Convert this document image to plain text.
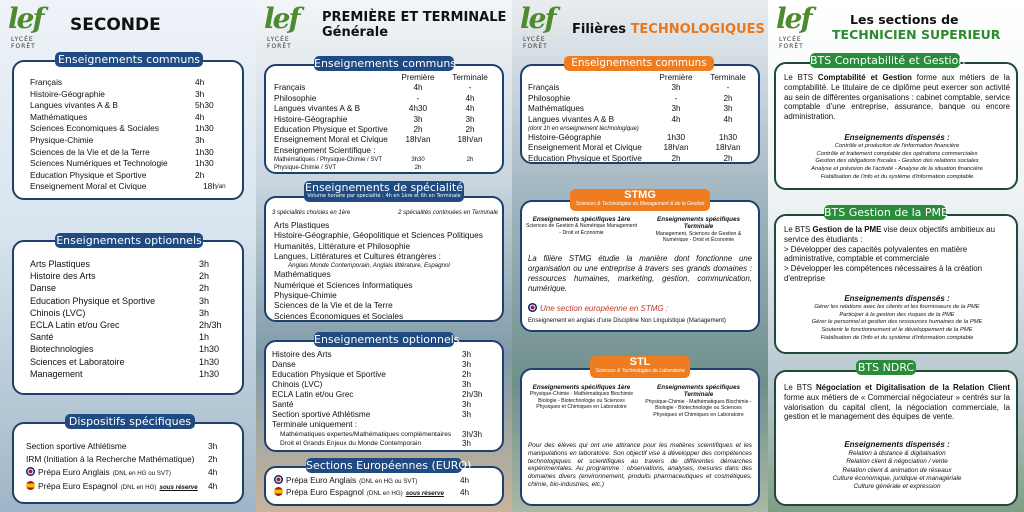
lef
LYCÉE
FORÊT
SECONDE
Enseignements communs
Français	4h
Histoire-Géographie	3h
Langues vivantes A & B	5h30
Mathématiques	4h
Sciences Economiques & Sociales	1h30
Physique-Chimie	3h
Sciences de la Vie et de la Terre	1h30
Sciences Numériques et Technologie	1h30
Education Physique et Sportive	2h
Enseignement Moral et Civique	18h /an
Enseignements optionnels
Arts Plastiques	3h
Histoire des Arts	2h
Danse	2h
Education Physique et Sportive	3h
Chinois (LVC)	3h
ECLA Latin et/ou Grec	2h/3h
Santé	1h
Biotechnologies	1h30
Sciences et Laboratoire	1h30
Management	1h30
Dispositifs spécifiques
Section sportive Athlétisme	3h
IRM (Initiation à la Recherche Mathématique)	2h
Prépa Euro Anglais (DNL en HG ou SVT)	4h
Prépa Euro Espagnol (DNL en HG) sous réserve	4h
lef
LYCÉE
FORÊT
PREMIÈRE ET TERMINALE
Générale
Enseignements communs
Première	Terminale
Français	4h	-
Philosophie	-	4h
Langues vivantes A & B	4h30	4h
Histoire-Géographie	3h	3h
Education Physique et Sportive	2h	2h
Enseignement Moral et Civique	18h/an	18h/an
Enseignement Scientifique :
Mathématiques / Physique-Chimie / SVT	3h30	2h
Physique-Chimie / SVT	2h
Enseignements de spécialité
Volume horaire par spécialité : 4h en 1ère et 6h en Terminale
3 spécialités choisies en 1ère	2 spécialités continuées en Terminale
Arts Plastiques
Histoire-Géographie, Géopolitique et Sciences Politiques
Humanités, Littérature et Philosophie
Langues, Littératures et Cultures étrangères :
Anglais Monde Contemporain, Anglais littérature, Espagnol
Mathématiques
Numérique et Sciences Informatiques
Physique-Chimie
Sciences de la Vie et de la Terre
Sciences Économiques et Sociales
Enseignements optionnels
Histoire des Arts	3h
Danse	3h
Education Physique et Sportive	2h
Chinois (LVC)	3h
ECLA Latin et/ou Grec	2h/3h
Santé	3h
Section sportive Athlétisme	3h
Terminale uniquement :
Mathématiques expertes/Mathématiques complémentaires	3h/3h
Droit et Grands Enjeux du Monde Contemporain	3h
Sections Européennes (EURO)
Prépa Euro Anglais (DNL en HG ou SVT)	4h
Prépa Euro Espagnol (DNL en HG) sous réserve	4h
lef
LYCÉE
FORÊT
Filières TECHNOLOGIQUES
Enseignements communs
Première	Terminale
Français	3h	-
Philosophie	-	2h
Mathématiques	3h	3h
Langues vivantes A & B	4h	4h
(dont 1h en enseignement technologique)
Histoire-Géographie	1h30	1h30
Enseignement Moral et Civique	18h/an	18h/an
Education Physique et Sportive	2h	2h
STMG
Sciences & Technologies du Management & de la Gestion
Enseignements spécifiques 1ère
Sciences de Gestion & Numérique Management - Droit et Économie
Enseignements spécifiques Terminale
Management, Sciences de Gestion & Numérique - Droit et Économie
La filière STMG étudie la manière dont fonctionne une organisation ou une entreprise à travers ses grands domaines : ressources humaines, marketing, gestion, communication, numérique.
Une section européenne en STMG :
Enseignement en anglais d'une Discipline Non Linguistique (Management)
STL
Sciences & Technologies de Laboratoire
Enseignements spécifiques 1ère
Physique-Chimie - Mathématiques Biochimie Biologie - Biotechnologie ou Sciences Physiques et Chimiques en Laboratoire
Enseignements spécifiques Terminale
Physique-Chimie - Mathématiques Biochimie - Biologie - Biotechnologie ou Sciences Physiques et Chimiques en Laboratoire
Pour des élèves qui ont une attirance pour les matières scientifiques et les manipulations en laboratoire. Son objectif vise à développer des compétences technologiques et scientifiques au travers de différentes démarches expérimentales. Au programme : observations, analyses, mesures dans des domaines divers (environnement, produits pharmaceutiques et cosmétiques, chimie, bio-industries, etc.)
lef
LYCÉE
FORÊT
Les sections de
TECHNICIEN SUPERIEUR
BTS Comptabilité et Gestion
Le BTS Comptabilité et Gestion forme aux métiers de la comptabilité. Le titulaire de ce diplôme peut exercer son activité au sein de différentes organisations : cabinet comptable, service comptable d'une entreprise, assurance, banque ou encore administration.
Enseignements dispensés :
Contrôle et production de l'information financière
Contrôle et traitement comptable des opérations commerciales
Gestion des obligations fiscales - Gestion des relations sociales
Analyse et prévision de l'activité - Analyse de la situation financière
Fiabilisation de l'info et du système d'information comptable
BTS Gestion de la PME
Le BTS Gestion de la PME vise deux objectifs ambitieux au service des étudiants :
> Développer des capacités polyvalentes en matière administrative, comptable et commerciale
> Développer les compétences nécessaires à la création d'entreprise
Enseignements dispensés :
Gérer les relations avec les clients et les fournisseurs de la PME
Participer à la gestion des risques de la PME
Gérer le personnel et gestion des ressources humaines de la PME
Soutenir le fonctionnement et le développement de la PME
Fiabilisation de l'info et du système d'information comptable
BTS NDRC
Le BTS Négociation et Digitalisation de la Relation Client forme aux métiers de « Commercial négociateur » centrés sur la valorisation du capital client, la négociation commerciale, la gestion et le management des équipes de vente.
Enseignements dispensés :
Relation à distance & digitalisation
Relation client & négociation / vente
Relation client & animation de réseaux
Culture économique, juridique et managériale
Culture générale et expression
